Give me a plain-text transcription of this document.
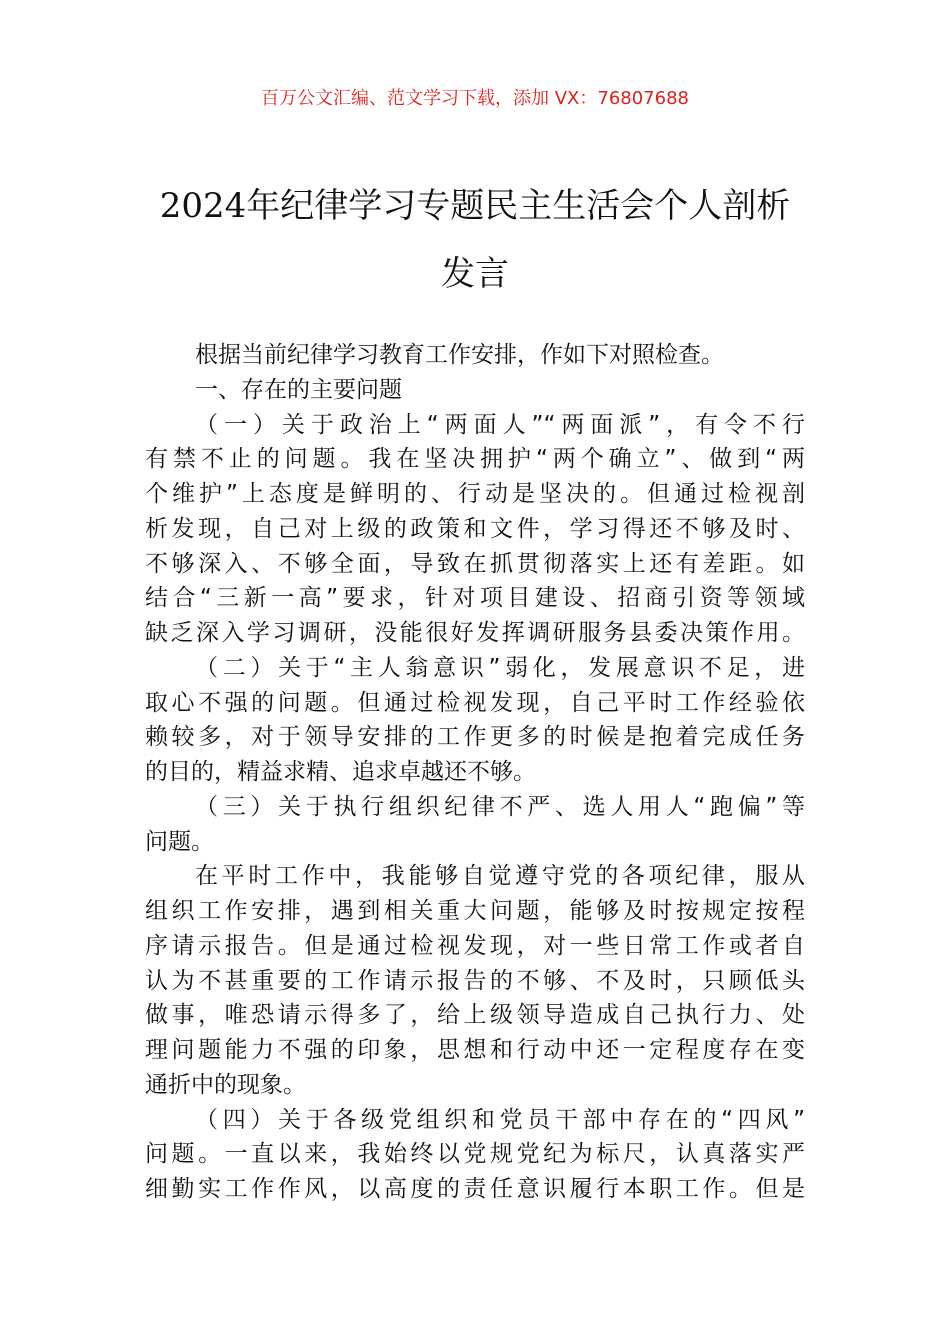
百万公文汇编、范文学习下载，添加 VX：76807688
2024年纪律学习专题民主生活会个人剖析
发言
根据当前纪律学习教育工作安排，作如下对照检查。
一、存在的主要问题
（一）关于政治上“两面人”“两面派”，有令不行
有禁不止的问题。我在坚决拥护“两个确立”、做到“两
个维护”上态度是鲜明的、行动是坚决的。但通过检视剖
析发现，自己对上级的政策和文件，学习得还不够及时、
不够深入、不够全面，导致在抓贯彻落实上还有差距。如
结合“三新一高”要求，针对项目建设、招商引资等领域
缺乏深入学习调研，没能很好发挥调研服务县委决策作用。
（二）关于“主人翁意识”弱化，发展意识不足，进
取心不强的问题。但通过检视发现，自己平时工作经验依
赖较多，对于领导安排的工作更多的时候是抱着完成任务
的目的，精益求精、追求卓越还不够。
（三）关于执行组织纪律不严、选人用人“跑偏”等
问题。
在平时工作中，我能够自觉遵守党的各项纪律，服从
组织工作安排，遇到相关重大问题，能够及时按规定按程
序请示报告。但是通过检视发现，对一些日常工作或者自
认为不甚重要的工作请示报告的不够、不及时，只顾低头
做事，唯恐请示得多了，给上级领导造成自己执行力、处
理问题能力不强的印象，思想和行动中还一定程度存在变
通折中的现象。
（四）关于各级党组织和党员干部中存在的“四风”
问题。一直以来，我始终以党规党纪为标尺，认真落实严
细勤实工作作风，以高度的责任意识履行本职工作。但是
